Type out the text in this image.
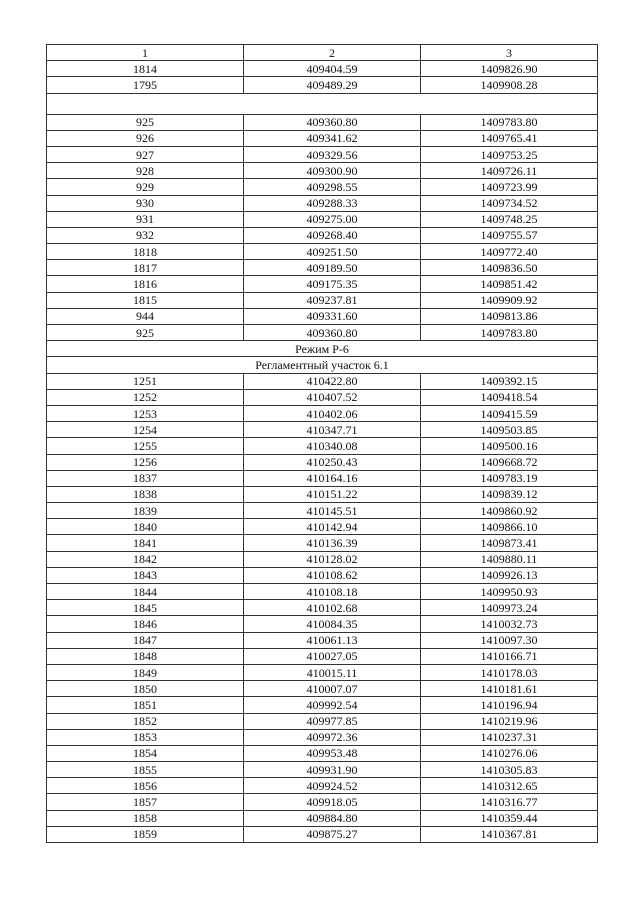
1	2	3
1814	409404.59	1409826.90
1795	409489.29	1409908.28

925	409360.80	1409783.80
926	409341.62	1409765.41
927	409329.56	1409753.25
928	409300.90	1409726.11
929	409298.55	1409723.99
930	409288.33	1409734.52
931	409275.00	1409748.25
932	409268.40	1409755.57
1818	409251.50	1409772.40
1817	409189.50	1409836.50
1816	409175.35	1409851.42
1815	409237.81	1409909.92
944	409331.60	1409813.86
925	409360.80	1409783.80
Режим Р-6		
Регламентный участок 6.1		
1251	410422.80	1409392.15
1252	410407.52	1409418.54
1253	410402.06	1409415.59
1254	410347.71	1409503.85
1255	410340.08	1409500.16
1256	410250.43	1409668.72
1837	410164.16	1409783.19
1838	410151.22	1409839.12
1839	410145.51	1409860.92
1840	410142.94	1409866.10
1841	410136.39	1409873.41
1842	410128.02	1409880.11
1843	410108.62	1409926.13
1844	410108.18	1409950.93
1845	410102.68	1409973.24
1846	410084.35	1410032.73
1847	410061.13	1410097.30
1848	410027.05	1410166.71
1849	410015.11	1410178.03
1850	410007.07	1410181.61
1851	409992.54	1410196.94
1852	409977.85	1410219.96
1853	409972.36	1410237.31
1854	409953.48	1410276.06
1855	409931.90	1410305.83
1856	409924.52	1410312.65
1857	409918.05	1410316.77
1858	409884.80	1410359.44
1859	409875.27	1410367.81
